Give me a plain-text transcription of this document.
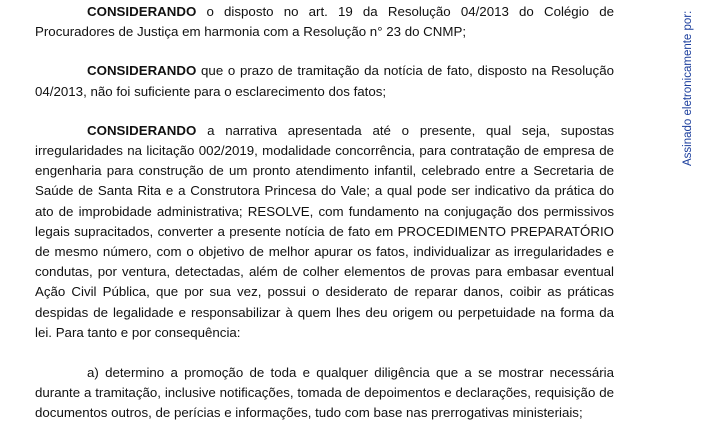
CONSIDERANDO o disposto no art. 19 da Resolução 04/2013 do Colégio de Procuradores de Justiça em harmonia com a Resolução n° 23 do CNMP;

CONSIDERANDO que o prazo de tramitação da notícia de fato, disposto na Resolução 04/2013, não foi suficiente para o esclarecimento dos fatos;

CONSIDERANDO a narrativa apresentada até o presente, qual seja, supostas irregularidades na licitação 002/2019, modalidade concorrência, para contratação de empresa de engenharia para construção de um pronto atendimento infantil, celebrado entre a Secretaria de Saúde de Santa Rita e a Construtora Princesa do Vale; a qual pode ser indicativo da prática do ato de improbidade administrativa; RESOLVE, com fundamento na conjugação dos permissivos legais supracitados, converter a presente notícia de fato em PROCEDIMENTO PREPARATÓRIO de mesmo número, com o objetivo de melhor apurar os fatos, individualizar as irregularidades e condutas, por ventura, detectadas, além de colher elementos de provas para embasar eventual Ação Civil Pública, que por sua vez, possui o desiderato de reparar danos, coibir as práticas despidas de legalidade e responsabilizar à quem lhes deu origem ou perpetuidade na forma da lei. Para tanto e por consequência:

a) determino a promoção de toda e qualquer diligência que a se mostrar necessária durante a tramitação, inclusive notificações, tomada de depoimentos e declarações, requisição de documentos outros, de perícias e informações, tudo com base nas prerrogativas ministeriais;

Assinado eletronicamente por:
